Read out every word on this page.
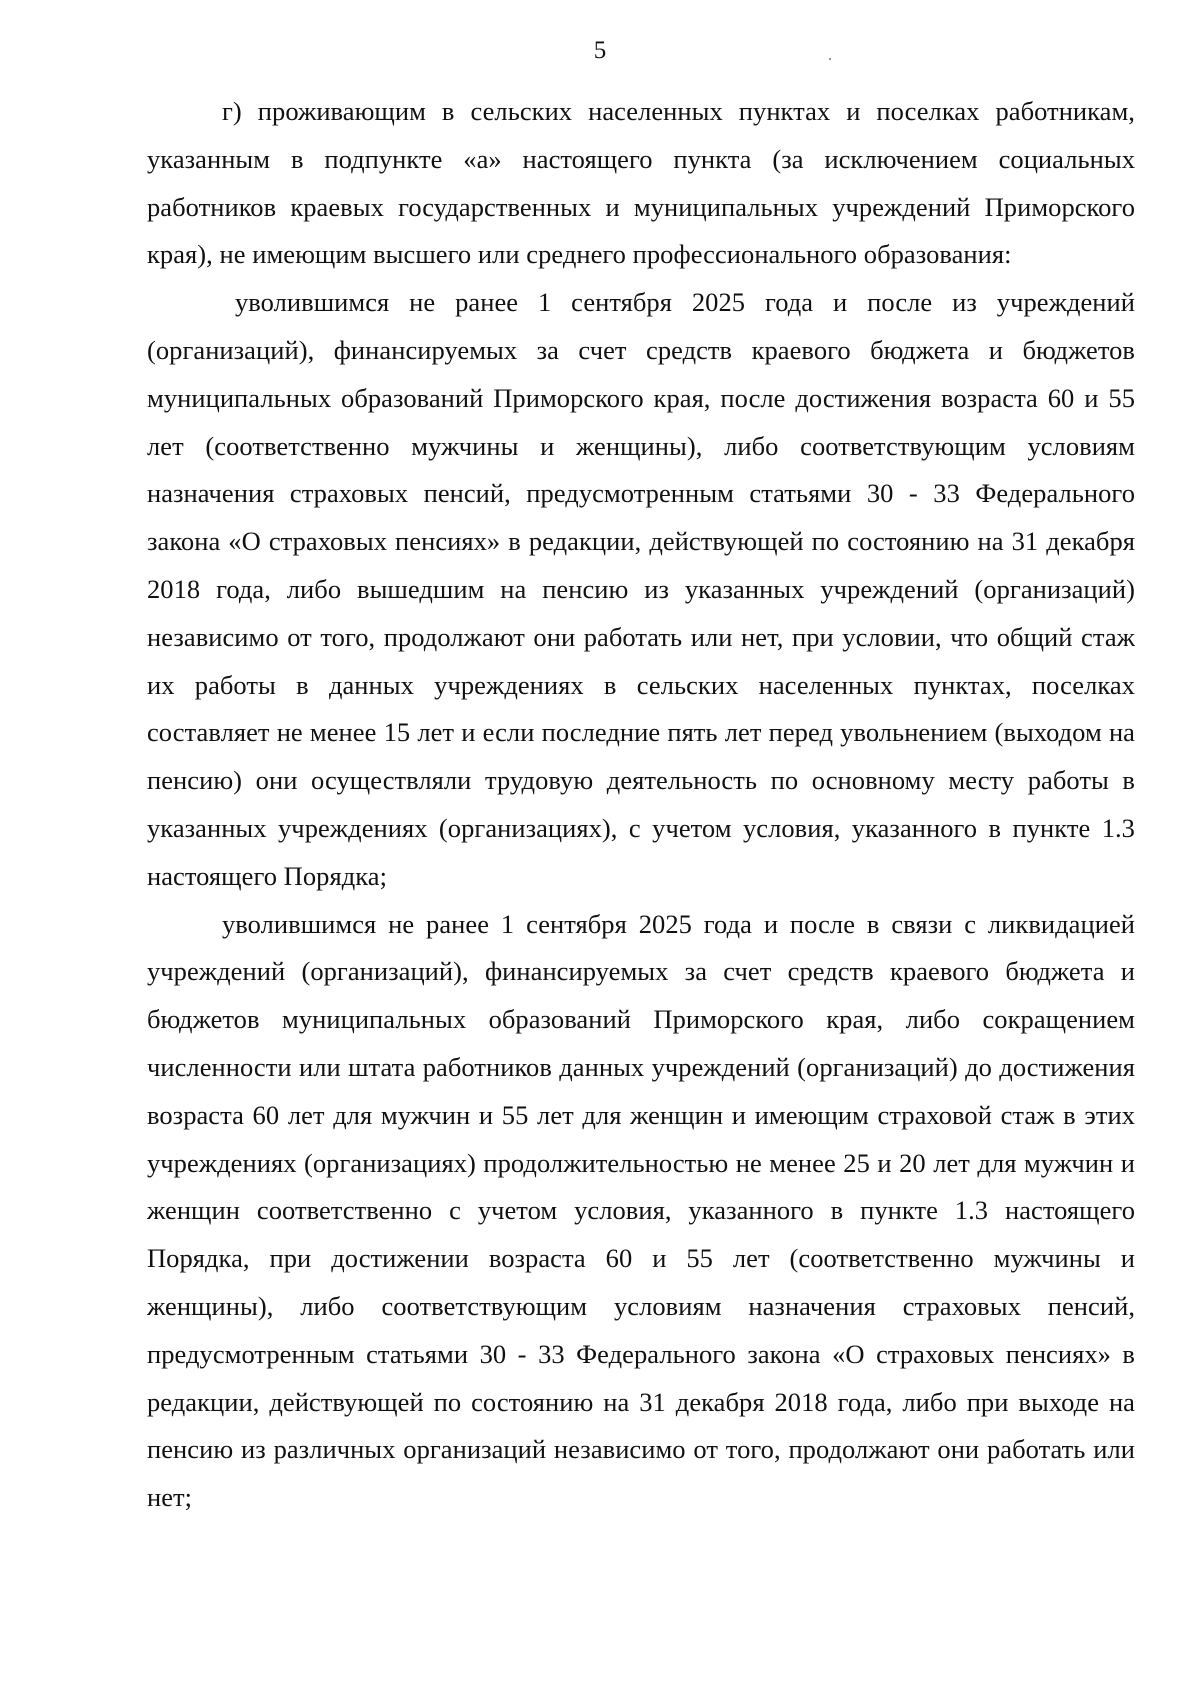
5

г) проживающим в сельских населенных пунктах и поселках работникам, указанным в подпункте «а» настоящего пункта (за исключением социальных работников краевых государственных и муниципальных учреждений Приморского края), не имеющим высшего или среднего профессионального образования:

уволившимся не ранее 1 сентября 2025 года и после из учреждений (организаций), финансируемых за счет средств краевого бюджета и бюджетов муниципальных образований Приморского края, после достижения возраста 60 и 55 лет (соответственно мужчины и женщины), либо соответствующим условиям назначения страховых пенсий, предусмотренным статьями 30 - 33 Федерального закона «О страховых пенсиях» в редакции, действующей по состоянию на 31 декабря 2018 года, либо вышедшим на пенсию из указанных учреждений (организаций) независимо от того, продолжают они работать или нет, при условии, что общий стаж их работы в данных учреждениях в сельских населенных пунктах, поселках составляет не менее 15 лет и если последние пять лет перед увольнением (выходом на пенсию) они осуществляли трудовую деятельность по основному месту работы в указанных учреждениях (организациях), с учетом условия, указанного в пункте 1.3 настоящего Порядка;

уволившимся не ранее 1 сентября 2025 года и после в связи с ликвидацией учреждений (организаций), финансируемых за счет средств краевого бюджета и бюджетов муниципальных образований Приморского края, либо сокращением численности или штата работников данных учреждений (организаций) до достижения возраста 60 лет для мужчин и 55 лет для женщин и имеющим страховой стаж в этих учреждениях (организациях) продолжительностью не менее 25 и 20 лет для мужчин и женщин соответственно с учетом условия, указанного в пункте 1.3 настоящего Порядка, при достижении возраста 60 и 55 лет (соответственно мужчины и женщины), либо соответствующим условиям назначения страховых пенсий, предусмотренным статьями 30 - 33 Федерального закона «О страховых пенсиях» в редакции, действующей по состоянию на 31 декабря 2018 года, либо при выходе на пенсию из различных организаций независимо от того, продолжают они работать или нет;
